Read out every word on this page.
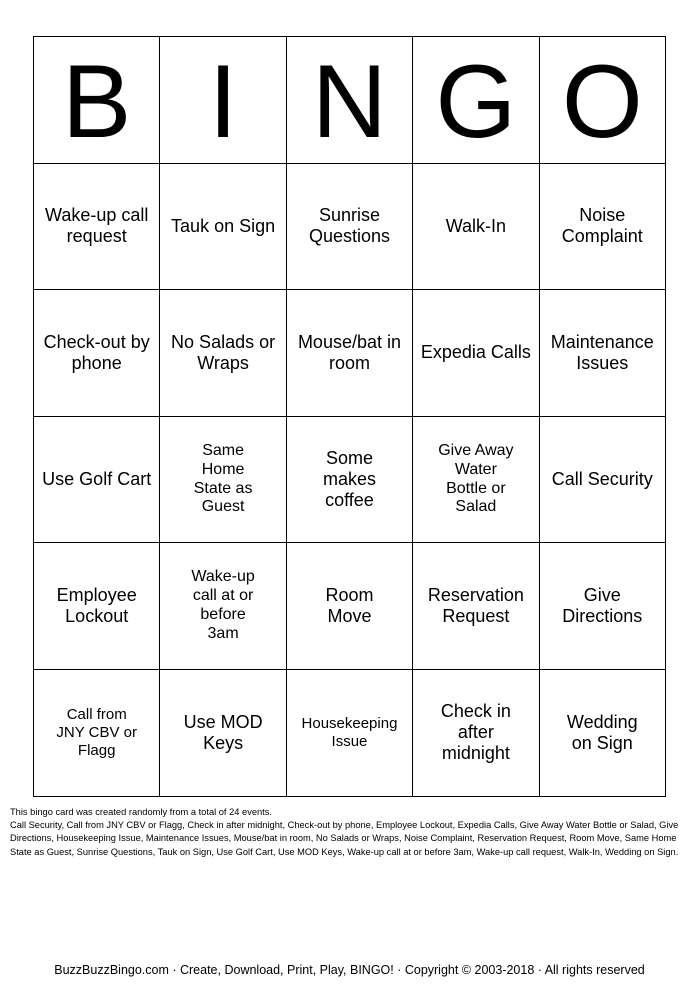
B	I	N	G	O
Wake-up call request	Tauk on Sign	Sunrise Questions	Walk-In	Noise Complaint
Check-out by phone	No Salads or Wraps	Mouse/bat in room	Expedia Calls	Maintenance Issues
Use Golf Cart	Same Home State as Guest	Some makes coffee	Give Away Water Bottle or Salad	Call Security
Employee Lockout	Wake-up call at or before 3am	Room Move	Reservation Request	Give Directions
Call from JNY CBV or Flagg	Use MOD Keys	Housekeeping Issue	Check in after midnight	Wedding on Sign

This bingo card was created randomly from a total of 24 events.

Call Security, Call from JNY CBV or Flagg, Check in after midnight, Check-out by phone, Employee Lockout, Expedia Calls, Give Away Water Bottle or Salad, Give Directions, Housekeeping Issue, Maintenance Issues, Mouse/bat in room, No Salads or Wraps, Noise Complaint, Reservation Request, Room Move, Same Home State as Guest, Sunrise Questions, Tauk on Sign, Use Golf Cart, Use MOD Keys, Wake-up call at or before 3am, Wake-up call request, Walk-In, Wedding on Sign.

BuzzBuzzBingo.com · Create, Download, Print, Play, BINGO! · Copyright © 2003-2018 · All rights reserved
